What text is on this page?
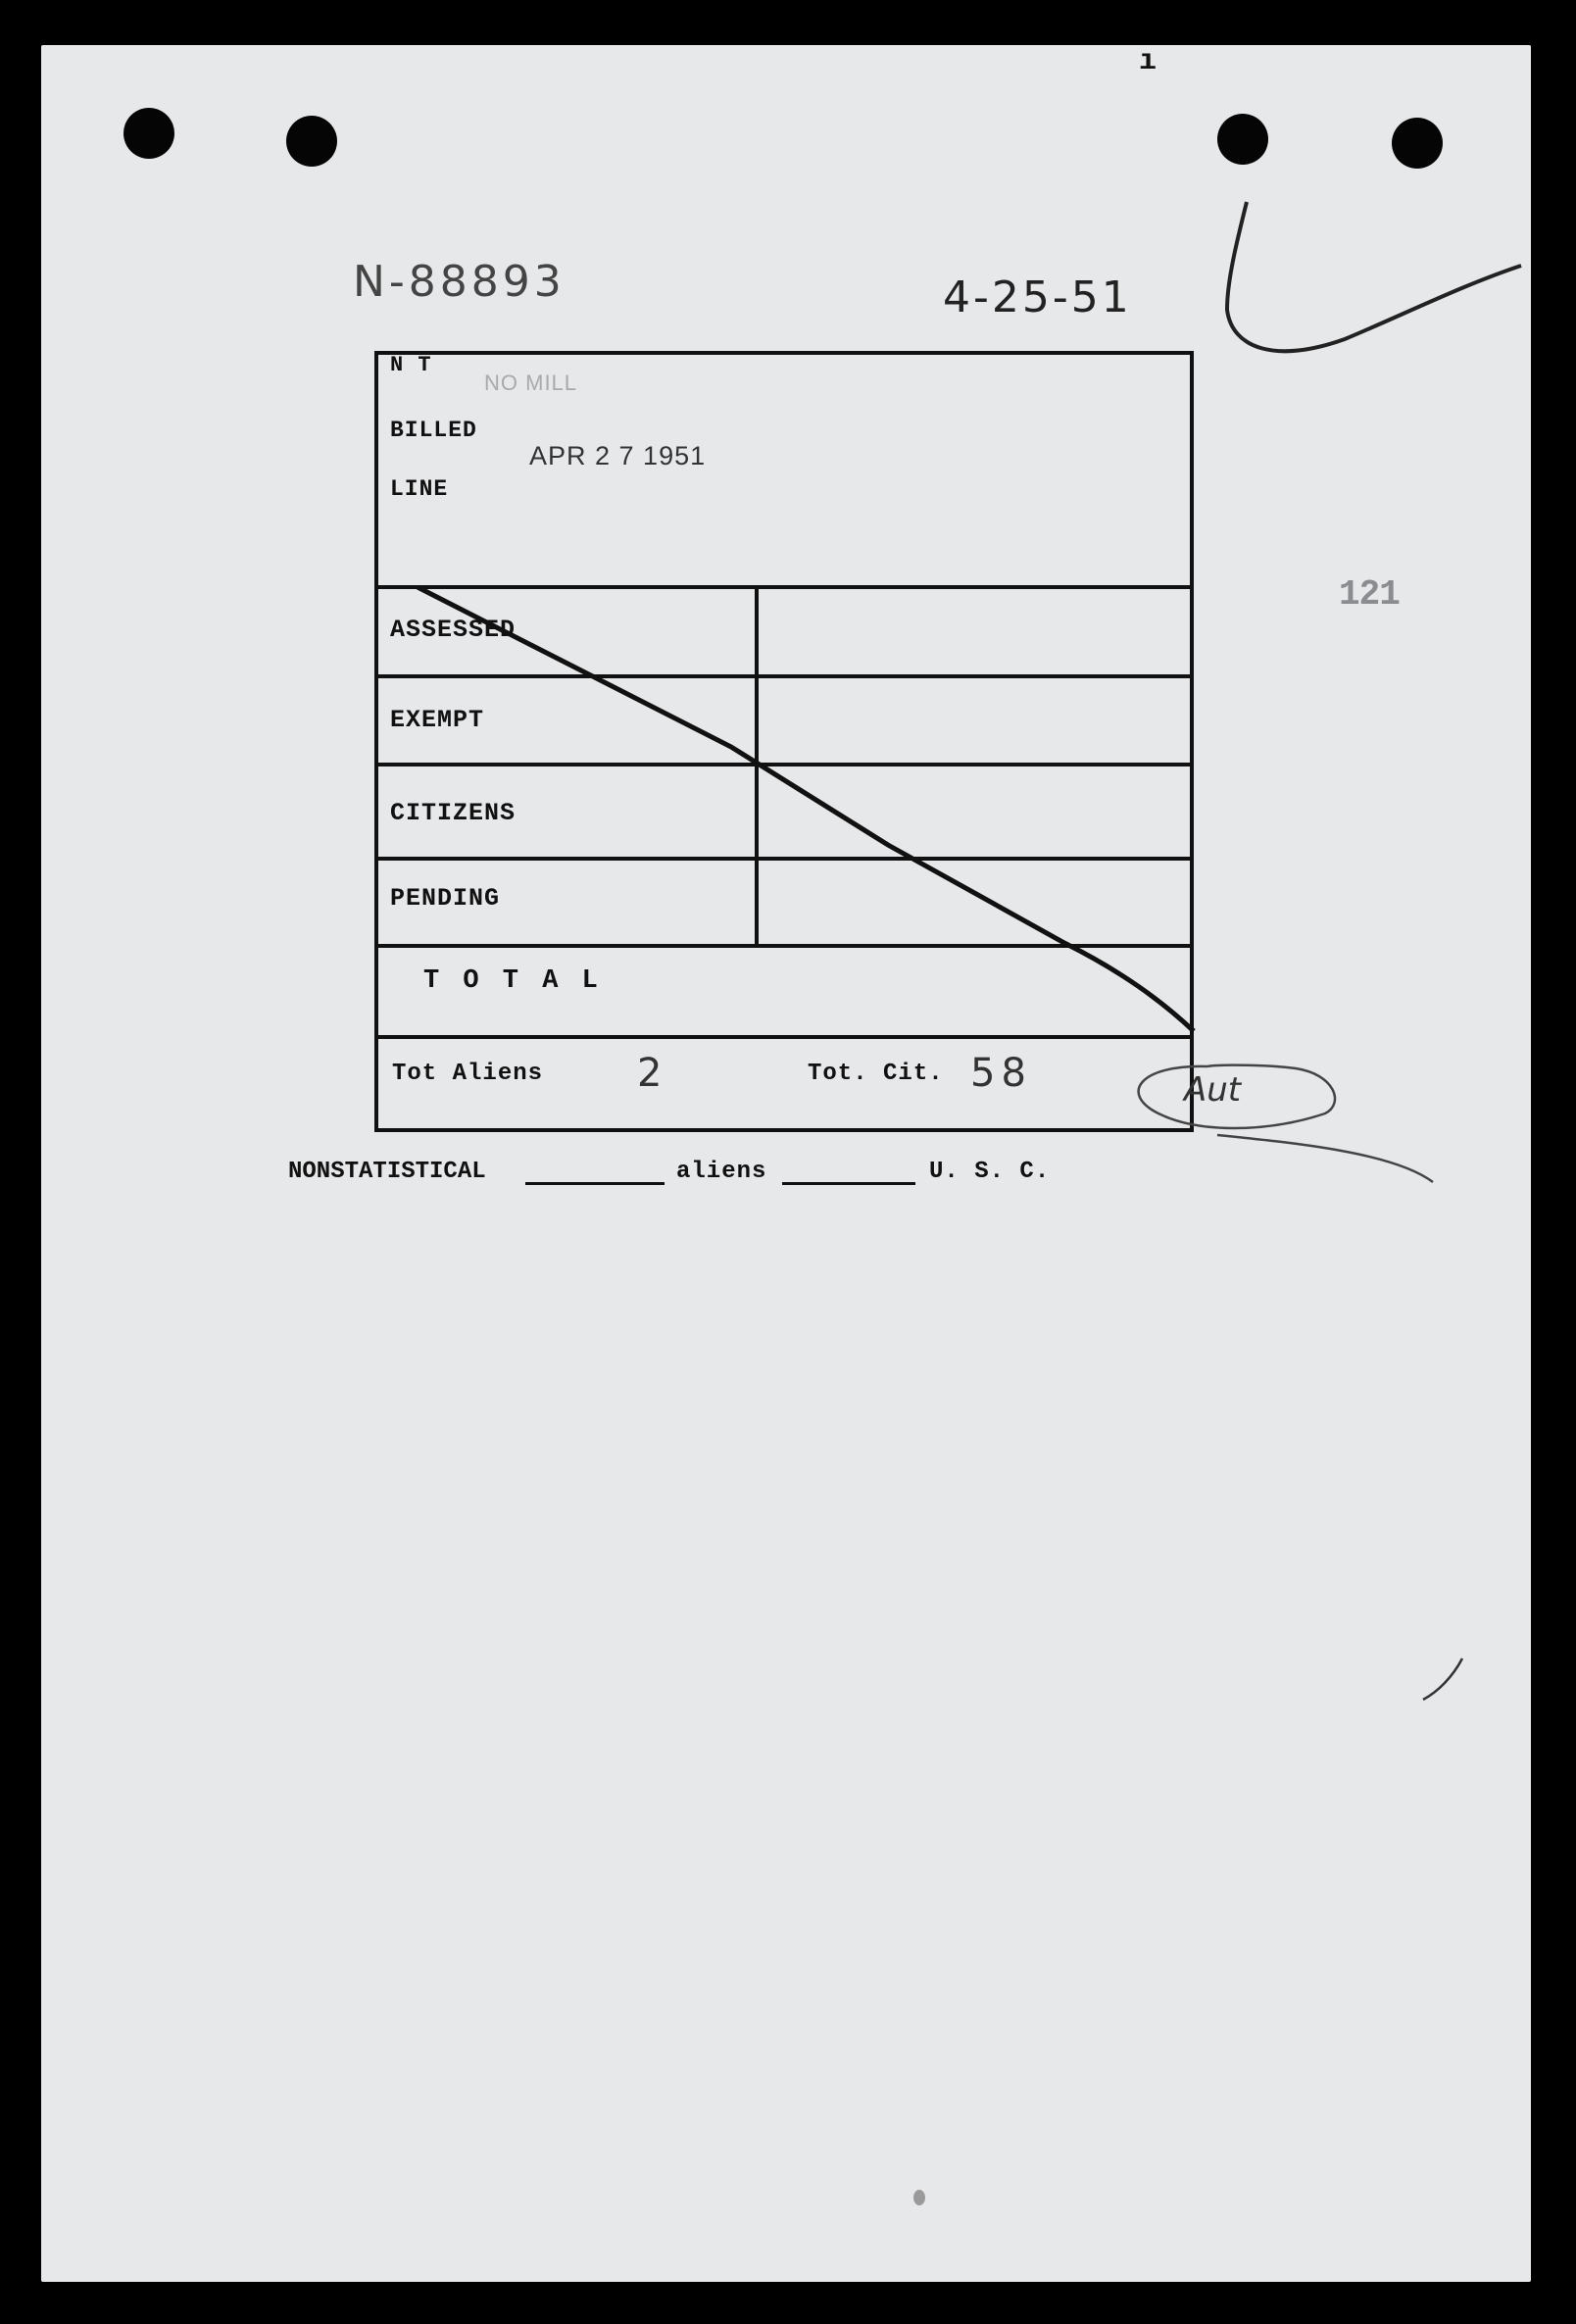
ı
N-88893	4-25-51
121
N T
NO MILL
BILLED
APR 2 7 1951
LINE
ASSESSED
EXEMPT
CITIZENS
PENDING
T O T A L
Tot Aliens 2	Tot. Cit. 58	Aut
NONSTATISTICAL	aliens	U. S. C.
